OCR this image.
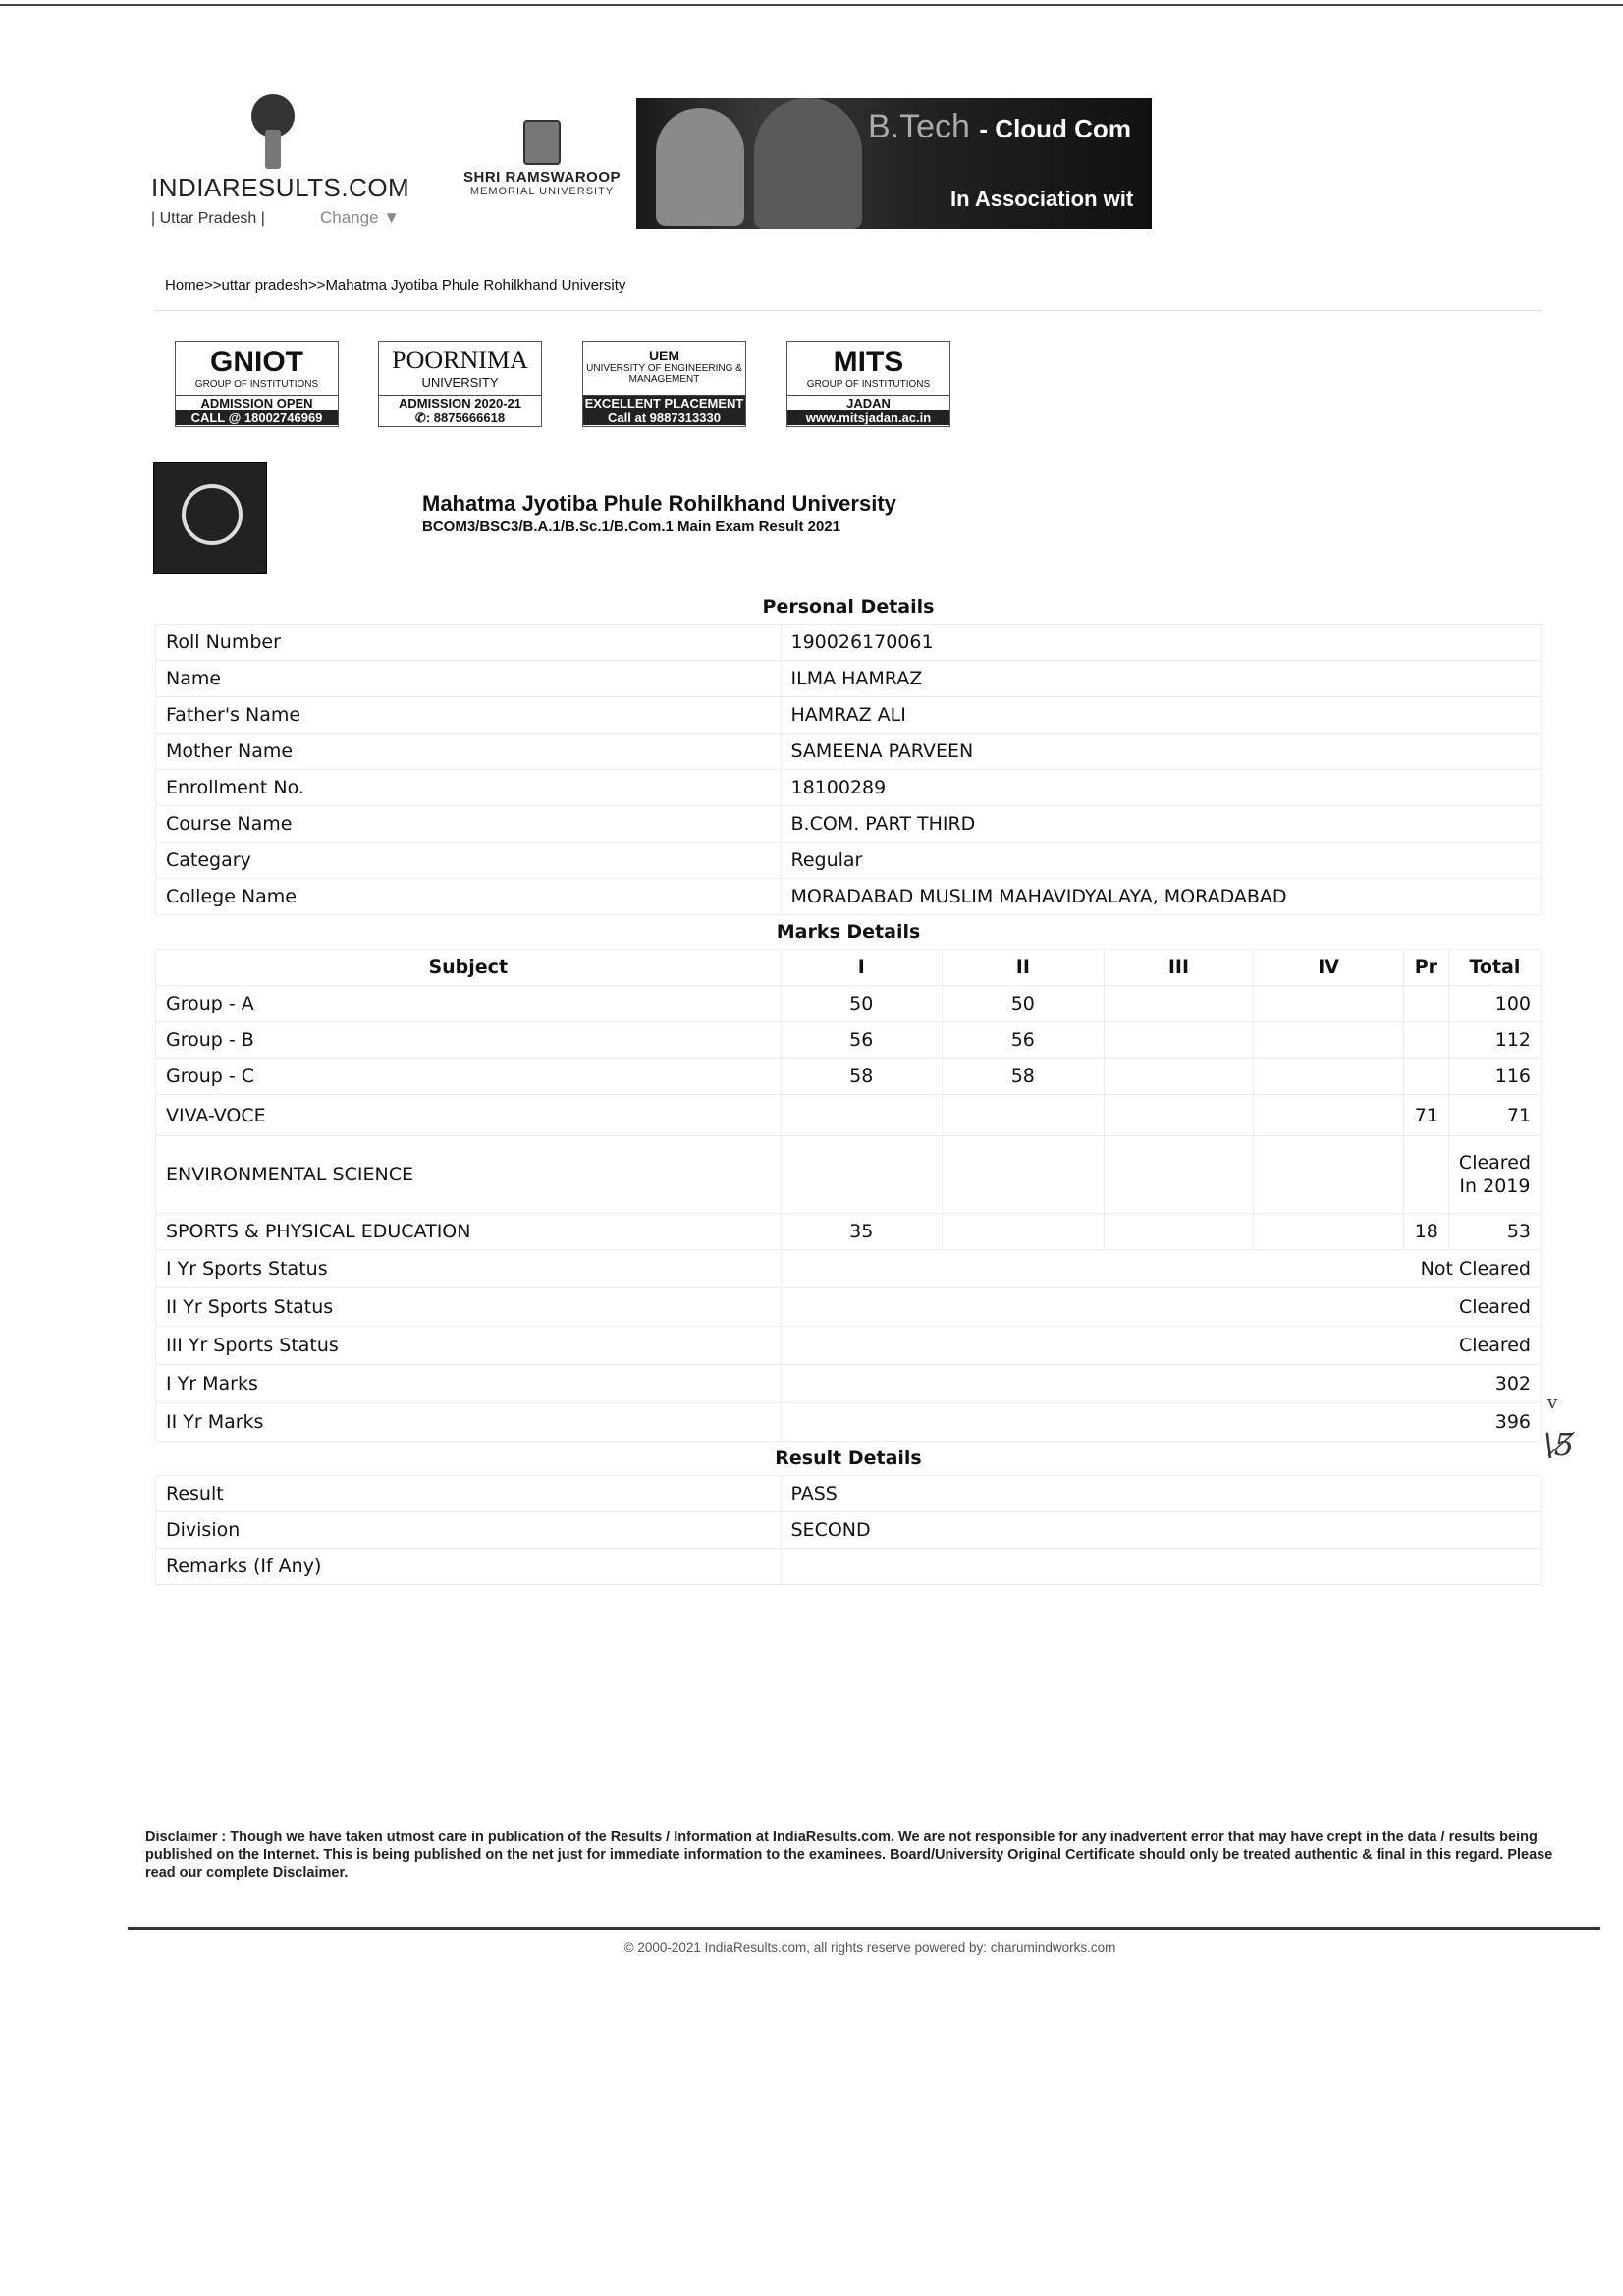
INDIARESULTS.COM
| Uttar Pradesh |	Change ▼
SHRI RAMSWAROOP
MEMORIAL UNIVERSITY
B.Tech - Cloud Com
In Association wit
Home>>uttar pradesh>>Mahatma Jyotiba Phule Rohilkhand University
GNIOT
GROUP OF INSTITUTIONS
ADMISSION OPEN
CALL @ 18002746969
POORNIMA
UNIVERSITY
ADMISSION 2020-21
✆: 8875666618
UEM
UNIVERSITY OF ENGINEERING & MANAGEMENT
EXCELLENT PLACEMENT
Call at 9887313330
MITS
GROUP OF INSTITUTIONS
JADAN
www.mitsjadan.ac.in
Mahatma Jyotiba Phule Rohilkhand University
BCOM3/BSC3/B.A.1/B.Sc.1/B.Com.1 Main Exam Result 2021
Personal Details						
Roll Number	190026170061					
Name	ILMA HAMRAZ					
Father's Name	HAMRAZ ALI					
Mother Name	SAMEENA PARVEEN					
Enrollment No.	18100289					
Course Name	B.COM. PART THIRD					
Categary	Regular					
College Name	MORADABAD MUSLIM MAHAVIDYALAYA, MORADABAD					
Marks Details						
Subject	I	II	III	IV	Pr	Total
Group - A	50	50				100
Group - B	56	56				112
Group - C	58	58				116
VIVA-VOCE					71	71
ENVIRONMENTAL SCIENCE						Cleared In 2019
SPORTS & PHYSICAL EDUCATION	35				18	53
I Yr Sports Status	Not Cleared					
II Yr Sports Status	Cleared					
III Yr Sports Status	Cleared					
I Yr Marks	302					
II Yr Marks	396					
Result Details						
Result	PASS					
Division	SECOND					
Remarks (If Any)						
v
\5̸
Disclaimer : Though we have taken utmost care in publication of the Results / Information at IndiaResults.com. We are not responsible for any inadvertent error that may have crept in the data / results being published on the Internet. This is being published on the net just for immediate information to the examinees. Board/University Original Certificate should only be treated authentic & final in this regard. Please read our complete Disclaimer.
© 2000-2021 IndiaResults.com, all rights reserve powered by: charumindworks.com
